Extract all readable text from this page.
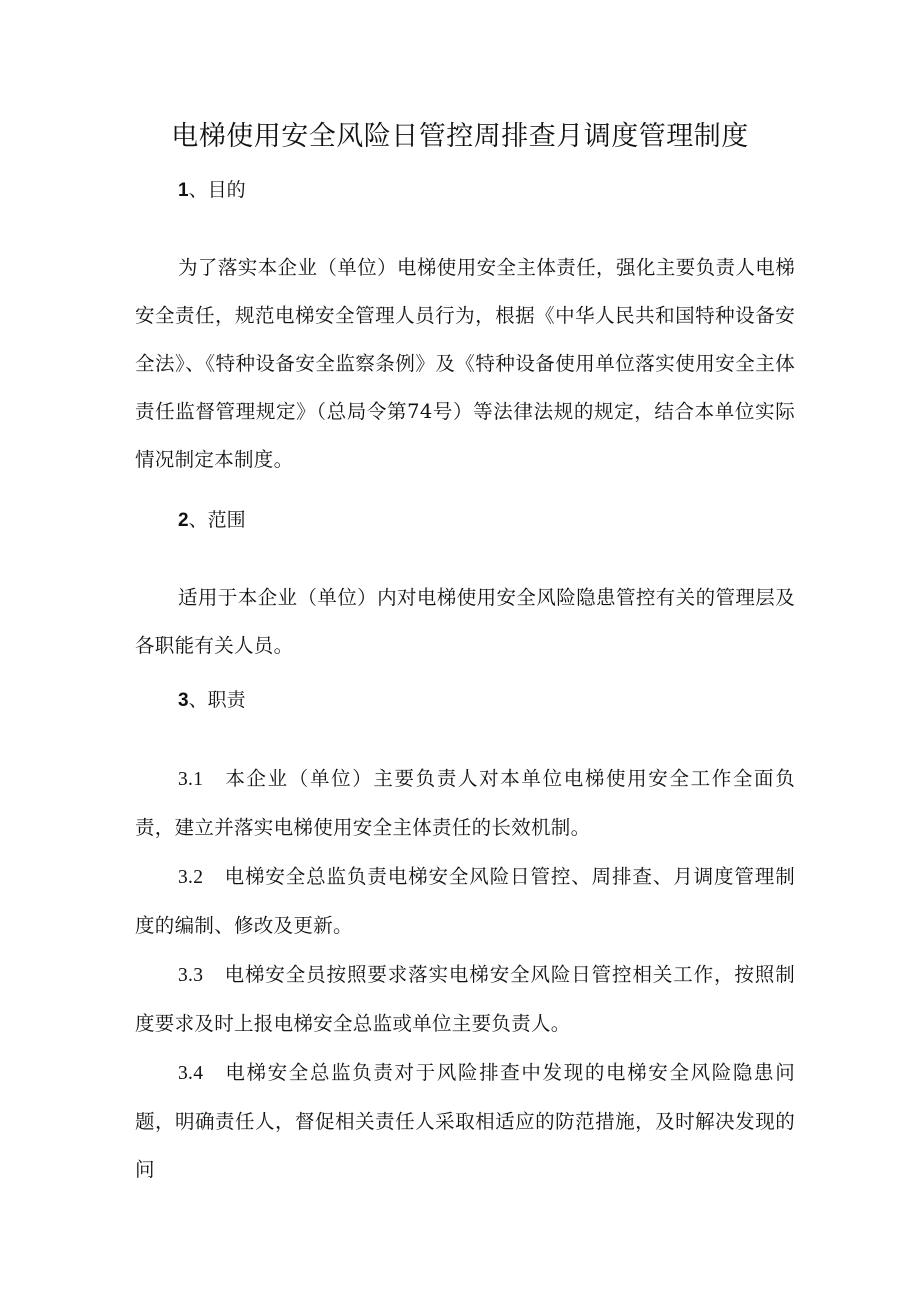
电梯使用安全风险日管控周排查月调度管理制度
1、目的
为了落实本企业（单位）电梯使用安全主体责任，强化主要负责人电梯安全责任，规范电梯安全管理人员行为，根据《中华人民共和国特种设备安全法》、《特种设备安全监察条例》及《特种设备使用单位落实使用安全主体责任监督管理规定》（总局令第74号）等法律法规的规定，结合本单位实际情况制定本制度。
2、范围
适用于本企业（单位）内对电梯使用安全风险隐患管控有关的管理层及各职能有关人员。
3、职责
3.1 本企业（单位）主要负责人对本单位电梯使用安全工作全面负责，建立并落实电梯使用安全主体责任的长效机制。
3.2 电梯安全总监负责电梯安全风险日管控、周排查、月调度管理制度的编制、修改及更新。
3.3 电梯安全员按照要求落实电梯安全风险日管控相关工作，按照制度要求及时上报电梯安全总监或单位主要负责人。
3.4 电梯安全总监负责对于风险排查中发现的电梯安全风险隐患问题，明确责任人，督促相关责任人采取相适应的防范措施，及时解决发现的问
